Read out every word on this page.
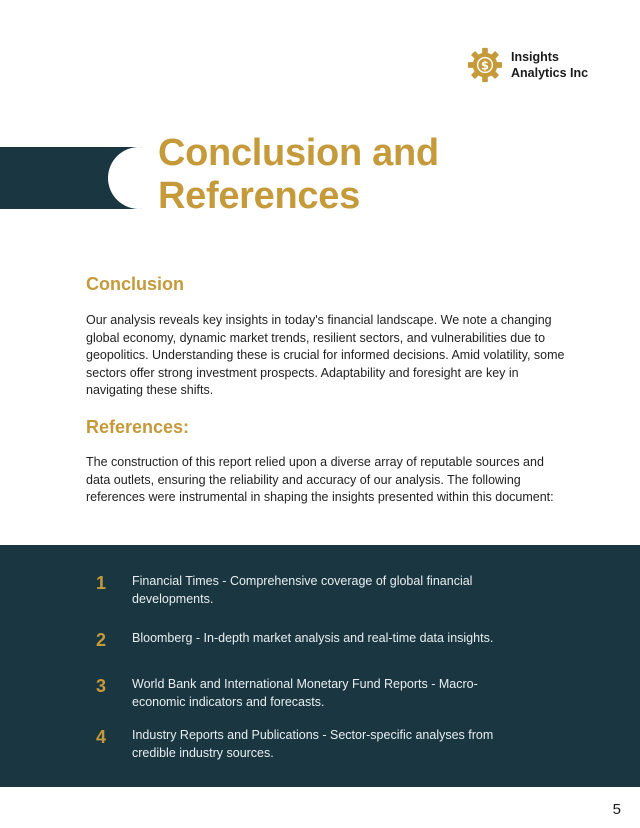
$
Insights
Analytics Inc
Conclusion and
References
Conclusion

Our analysis reveals key insights in today's financial landscape. We note a changing global economy, dynamic market trends, resilient sectors, and vulnerabilities due to geopolitics. Understanding these is crucial for informed decisions. Amid volatility, some sectors offer strong investment prospects. Adaptability and foresight are key in navigating these shifts.

References:

The construction of this report relied upon a diverse array of reputable sources and data outlets, ensuring the reliability and accuracy of our analysis. The following references were instrumental in shaping the insights presented within this document:

1	Financial Times - Comprehensive coverage of global financial developments.
2	Bloomberg - In-depth market analysis and real-time data insights.
3	World Bank and International Monetary Fund Reports - Macro-economic indicators and forecasts.
4	Industry Reports and Publications - Sector-specific analyses from credible industry sources.
5
